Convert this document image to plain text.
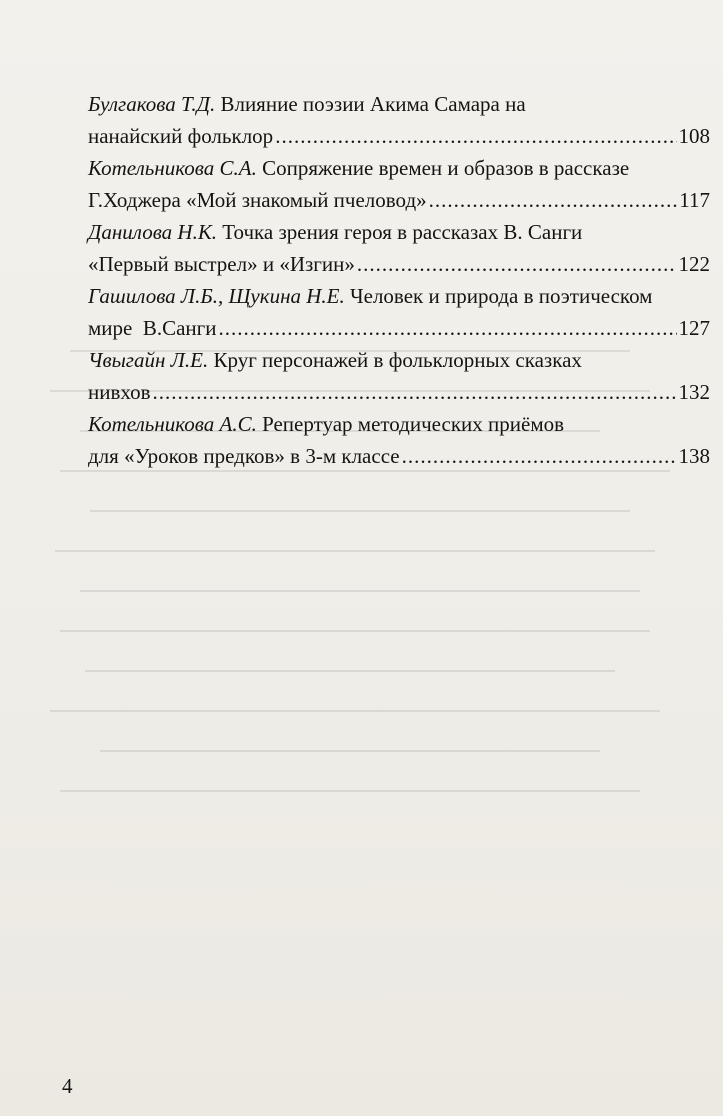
Булгакова Т.Д. Влияние поэзии Акима Самара на
нанайский фольклор .....	108
Котельникова С.А. Сопряжение времен и образов в рассказе
Г.Ходжера «Мой знакомый пчеловод» .....	117
Данилова Н.К. Точка зрения героя в рассказах В. Санги
«Первый выстрел» и «Изгин» .....	122
Гашилова Л.Б., Щукина Н.Е. Человек и природа в поэтическом
мире  В.Санги .....	127
Чвыгайн Л.Е. Круг персонажей в фольклорных сказках
нивхов .....	132
Котельникова А.С. Репертуар методических приёмов
для «Уроков предков» в 3-м классе .....	138
4
